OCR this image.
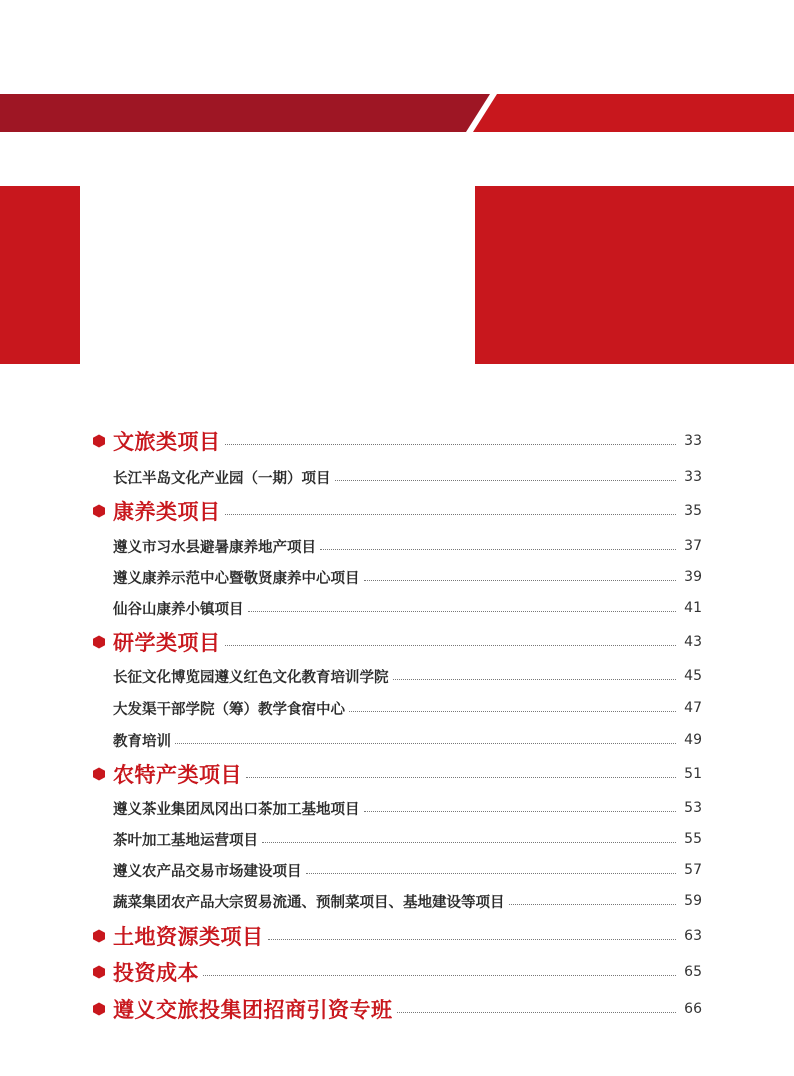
文旅类项目	33
长江半岛文化产业园（一期）项目	33
康养类项目	35
遵义市习水县避暑康养地产项目	37
遵义康养示范中心暨敬贤康养中心项目	39
仙谷山康养小镇项目	41
研学类项目	43
长征文化博览园遵义红色文化教育培训学院	45
大发渠干部学院（筹）教学食宿中心	47
教育培训	49
农特产类项目	51
遵义茶业集团凤冈出口茶加工基地项目	53
茶叶加工基地运营项目	55
遵义农产品交易市场建设项目	57
蔬菜集团农产品大宗贸易流通、预制菜项目、基地建设等项目	59
土地资源类项目	63
投资成本	65
遵义交旅投集团招商引资专班	66
